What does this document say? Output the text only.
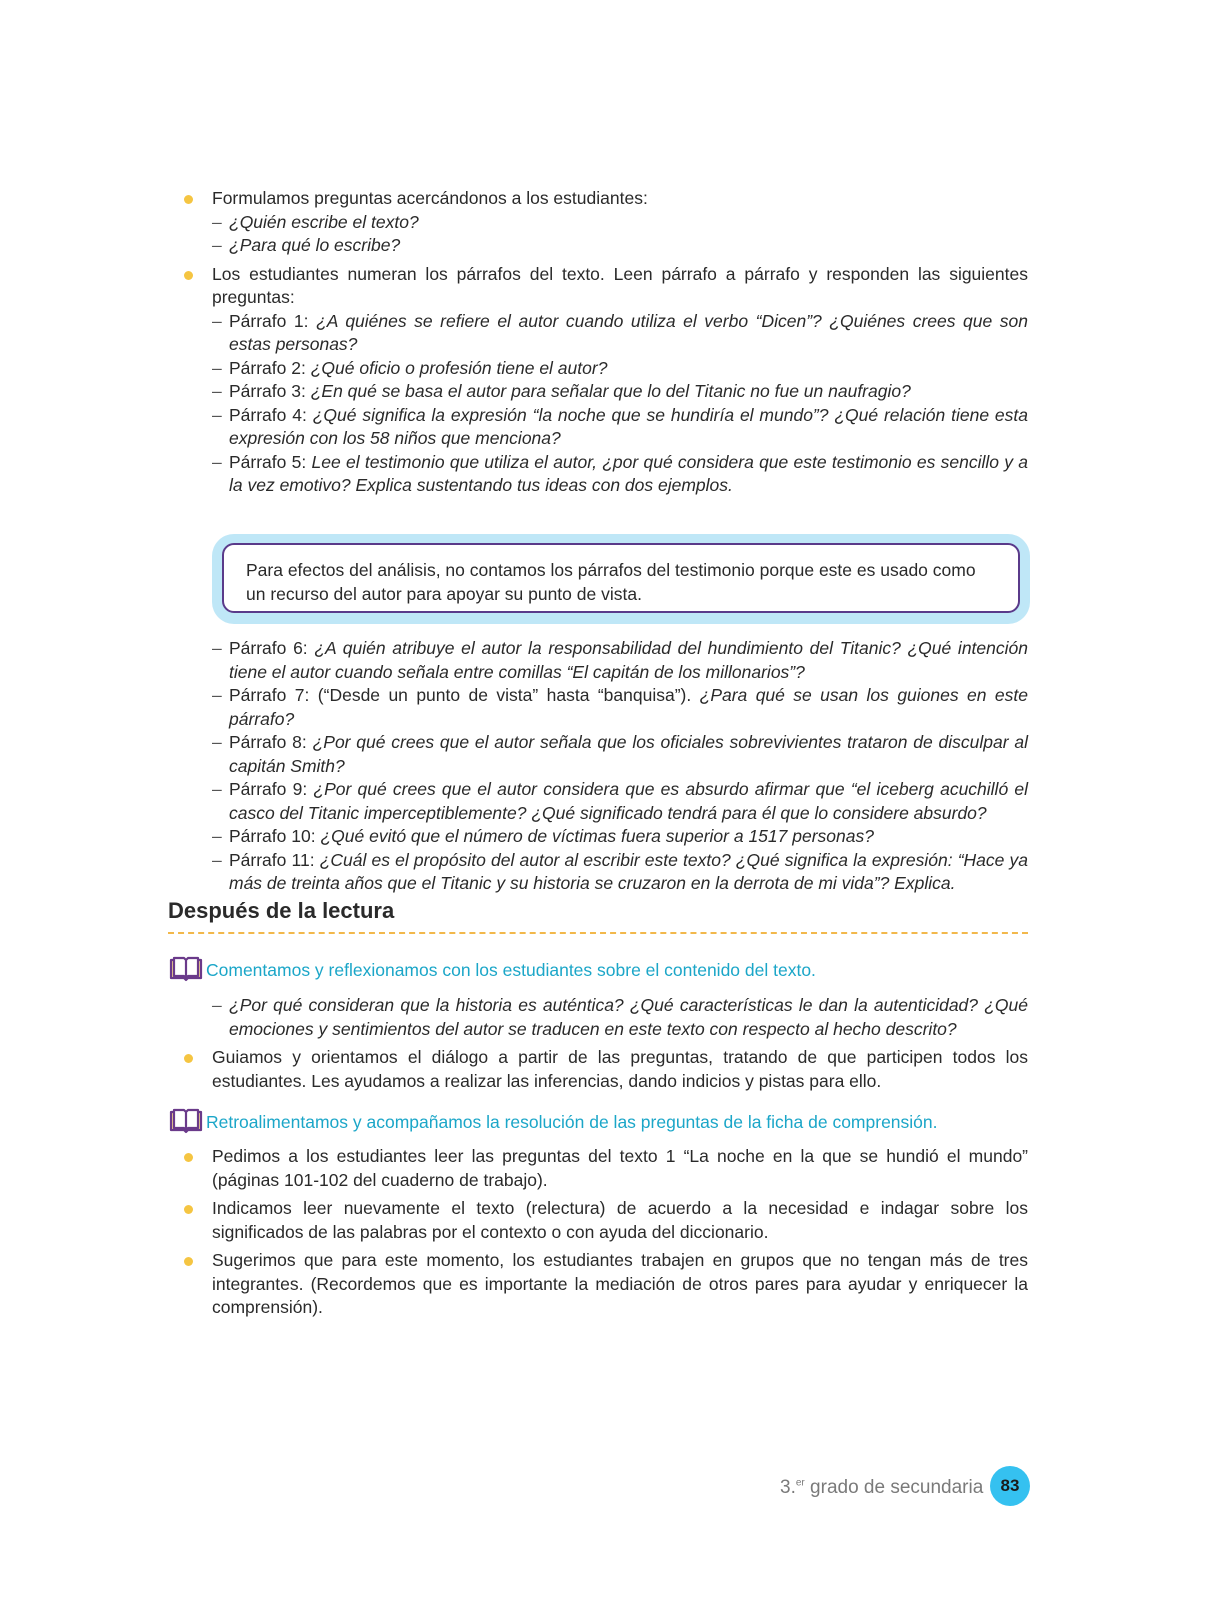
Formulamos preguntas acercándonos a los estudiantes:
– ¿Quién escribe el texto?
– ¿Para qué lo escribe?
Los estudiantes numeran los párrafos del texto. Leen párrafo a párrafo y responden las siguientes preguntas:
– Párrafo 1: ¿A quiénes se refiere el autor cuando utiliza el verbo “Dicen”? ¿Quiénes crees que son estas personas?
– Párrafo 2: ¿Qué oficio o profesión tiene el autor?
– Párrafo 3: ¿En qué se basa el autor para señalar que lo del Titanic no fue un naufragio?
– Párrafo 4: ¿Qué significa la expresión “la noche que se hundiría el mundo”? ¿Qué relación tiene esta expresión con los 58 niños que menciona?
– Párrafo 5: Lee el testimonio que utiliza el autor, ¿por qué considera que este testimonio es sencillo y a la vez emotivo? Explica sustentando tus ideas con dos ejemplos.
Para efectos del análisis, no contamos los párrafos del testimonio porque este es usado como un recurso del autor para apoyar su punto de vista.
– Párrafo 6: ¿A quién atribuye el autor la responsabilidad del hundimiento del Titanic? ¿Qué intención tiene el autor cuando señala entre comillas “El capitán de los millonarios”?
– Párrafo 7: (“Desde un punto de vista” hasta “banquisa”). ¿Para qué se usan los guiones en este párrafo?
– Párrafo 8: ¿Por qué crees que el autor señala que los oficiales sobrevivientes trataron de disculpar al capitán Smith?
– Párrafo 9: ¿Por qué crees que el autor considera que es absurdo afirmar que “el iceberg acuchilló el casco del Titanic imperceptiblemente? ¿Qué significado tendrá para él que lo considere absurdo?
– Párrafo 10: ¿Qué evitó que el número de víctimas fuera superior a 1517 personas?
– Párrafo 11: ¿Cuál es el propósito del autor al escribir este texto? ¿Qué significa la expresión: “Hace ya más de treinta años que el Titanic y su historia se cruzaron en la derrota de mi vida”? Explica.
Después de la lectura
Comentamos y reflexionamos con los estudiantes sobre el contenido del texto.
– ¿Por qué consideran que la historia es auténtica? ¿Qué características le dan la autenticidad? ¿Qué emociones y sentimientos del autor se traducen en este texto con respecto al hecho descrito?
Guiamos y orientamos el diálogo a partir de las preguntas, tratando de que participen todos los estudiantes. Les ayudamos a realizar las inferencias, dando indicios y pistas para ello.
Retroalimentamos y acompañamos la resolución de las preguntas de la ficha de comprensión.
Pedimos a los estudiantes leer las preguntas del texto 1 “La noche en la que se hundió el mundo” (páginas 101-102 del cuaderno de trabajo).
Indicamos leer nuevamente el texto (relectura) de acuerdo a la necesidad e indagar sobre los significados de las palabras por el contexto o con ayuda del diccionario.
Sugerimos que para este momento, los estudiantes trabajen en grupos que no tengan más de tres integrantes. (Recordemos que es importante la mediación de otros pares para ayudar y enriquecer la comprensión).
3.$^{er}$ grado de secundaria	83
